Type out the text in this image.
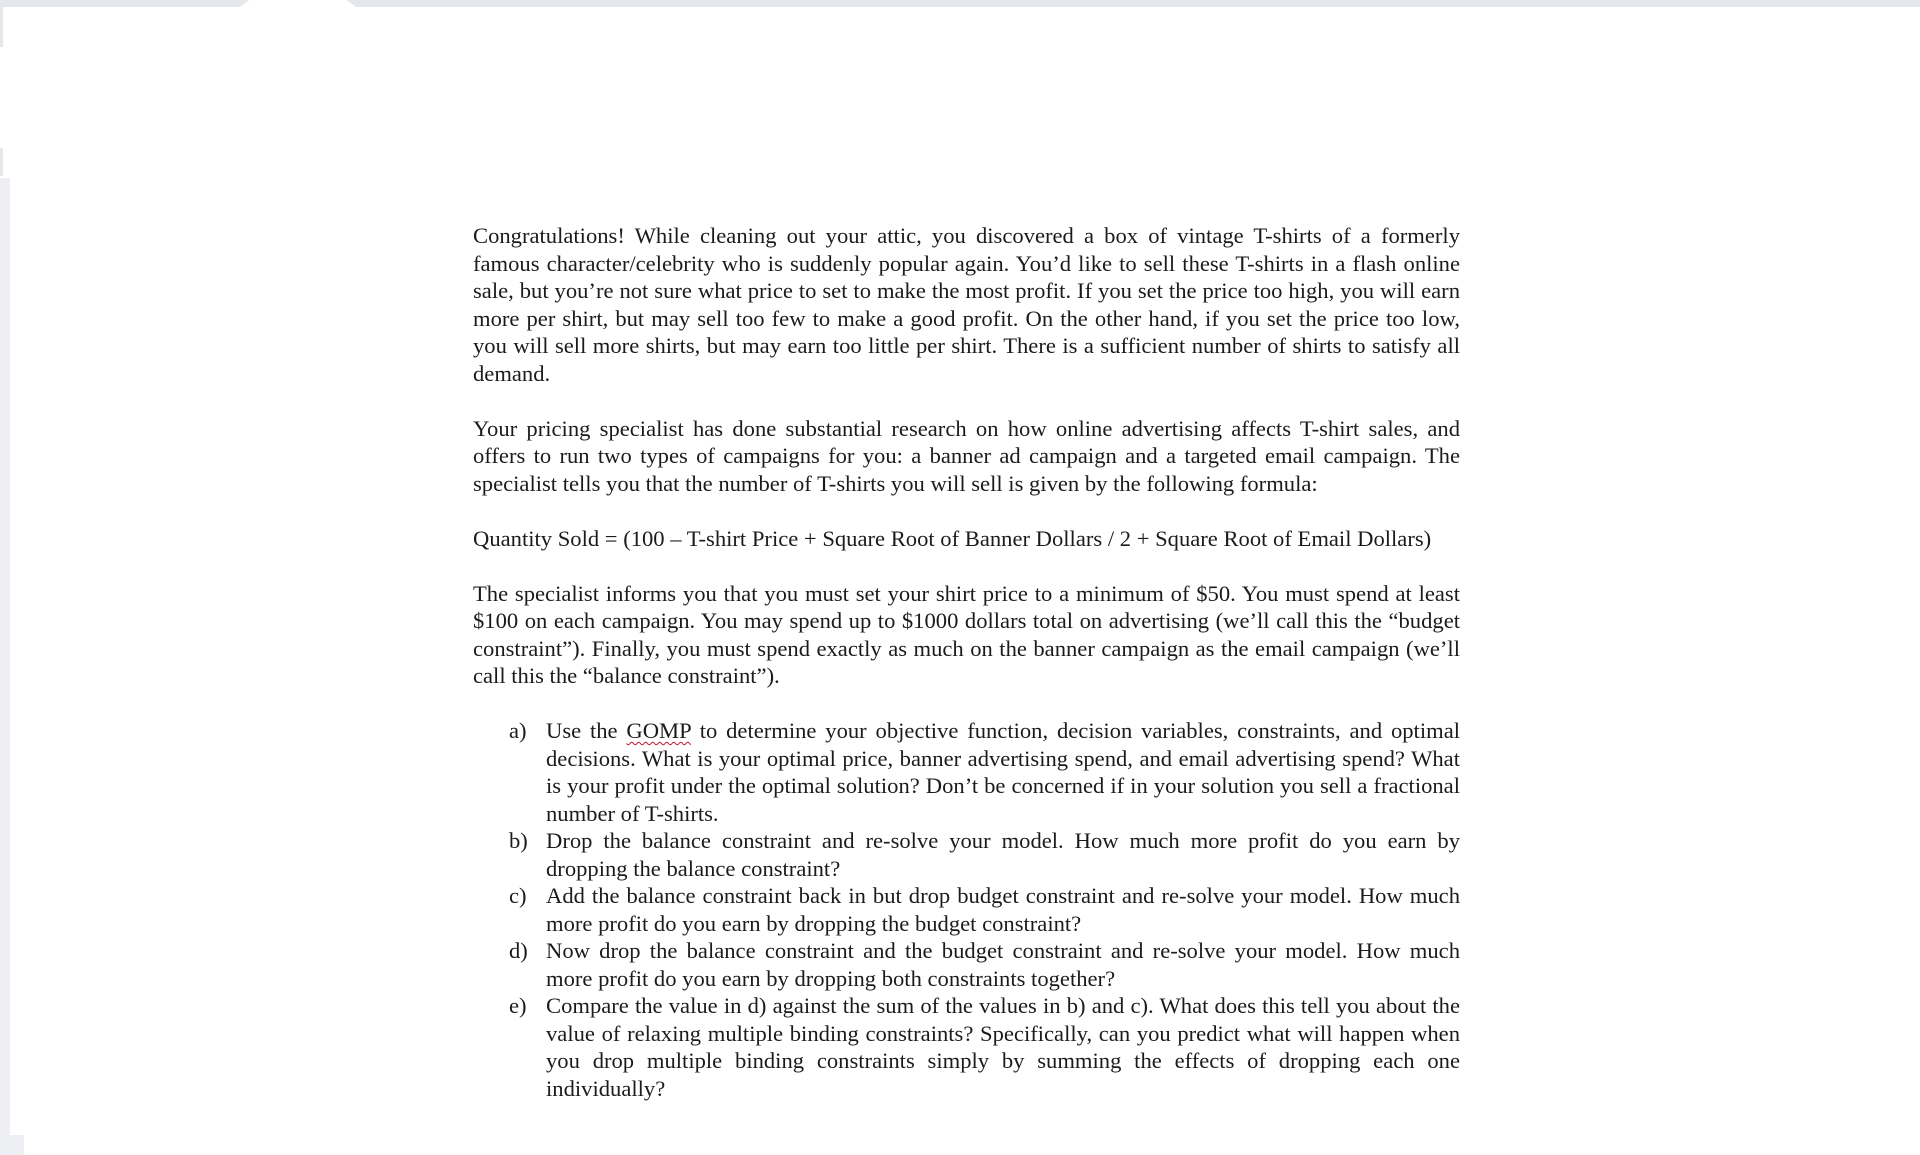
Congratulations! While cleaning out your attic, you discovered a box of vintage T-shirts of a formerly famous character/celebrity who is suddenly popular again. You’d like to sell these T-shirts in a flash online sale, but you’re not sure what price to set to make the most profit. If you set the price too high, you will earn more per shirt, but may sell too few to make a good profit. On the other hand, if you set the price too low, you will sell more shirts, but may earn too little per shirt. There is a sufficient number of shirts to satisfy all demand.

Your pricing specialist has done substantial research on how online advertising affects T-shirt sales, and offers to run two types of campaigns for you: a banner ad campaign and a targeted email campaign. The specialist tells you that the number of T-shirts you will sell is given by the following formula:

Quantity Sold = (100 – T-shirt Price + Square Root of Banner Dollars / 2 + Square Root of Email Dollars)

The specialist informs you that you must set your shirt price to a minimum of $50. You must spend at least $100 on each campaign. You may spend up to $1000 dollars total on advertising (we’ll call this the “budget constraint”). Finally, you must spend exactly as much on the banner campaign as the email campaign (we’ll call this the “balance constraint”).

a) Use the GOMP to determine your objective function, decision variables, constraints, and optimal decisions. What is your optimal price, banner advertising spend, and email advertising spend? What is your profit under the optimal solution? Don’t be concerned if in your solution you sell a fractional number of T-shirts.
b) Drop the balance constraint and re-solve your model. How much more profit do you earn by dropping the balance constraint?
c) Add the balance constraint back in but drop budget constraint and re-solve your model. How much more profit do you earn by dropping the budget constraint?
d) Now drop the balance constraint and the budget constraint and re-solve your model. How much more profit do you earn by dropping both constraints together?
e) Compare the value in d) against the sum of the values in b) and c). What does this tell you about the value of relaxing multiple binding constraints? Specifically, can you predict what will happen when you drop multiple binding constraints simply by summing the effects of dropping each one individually?
